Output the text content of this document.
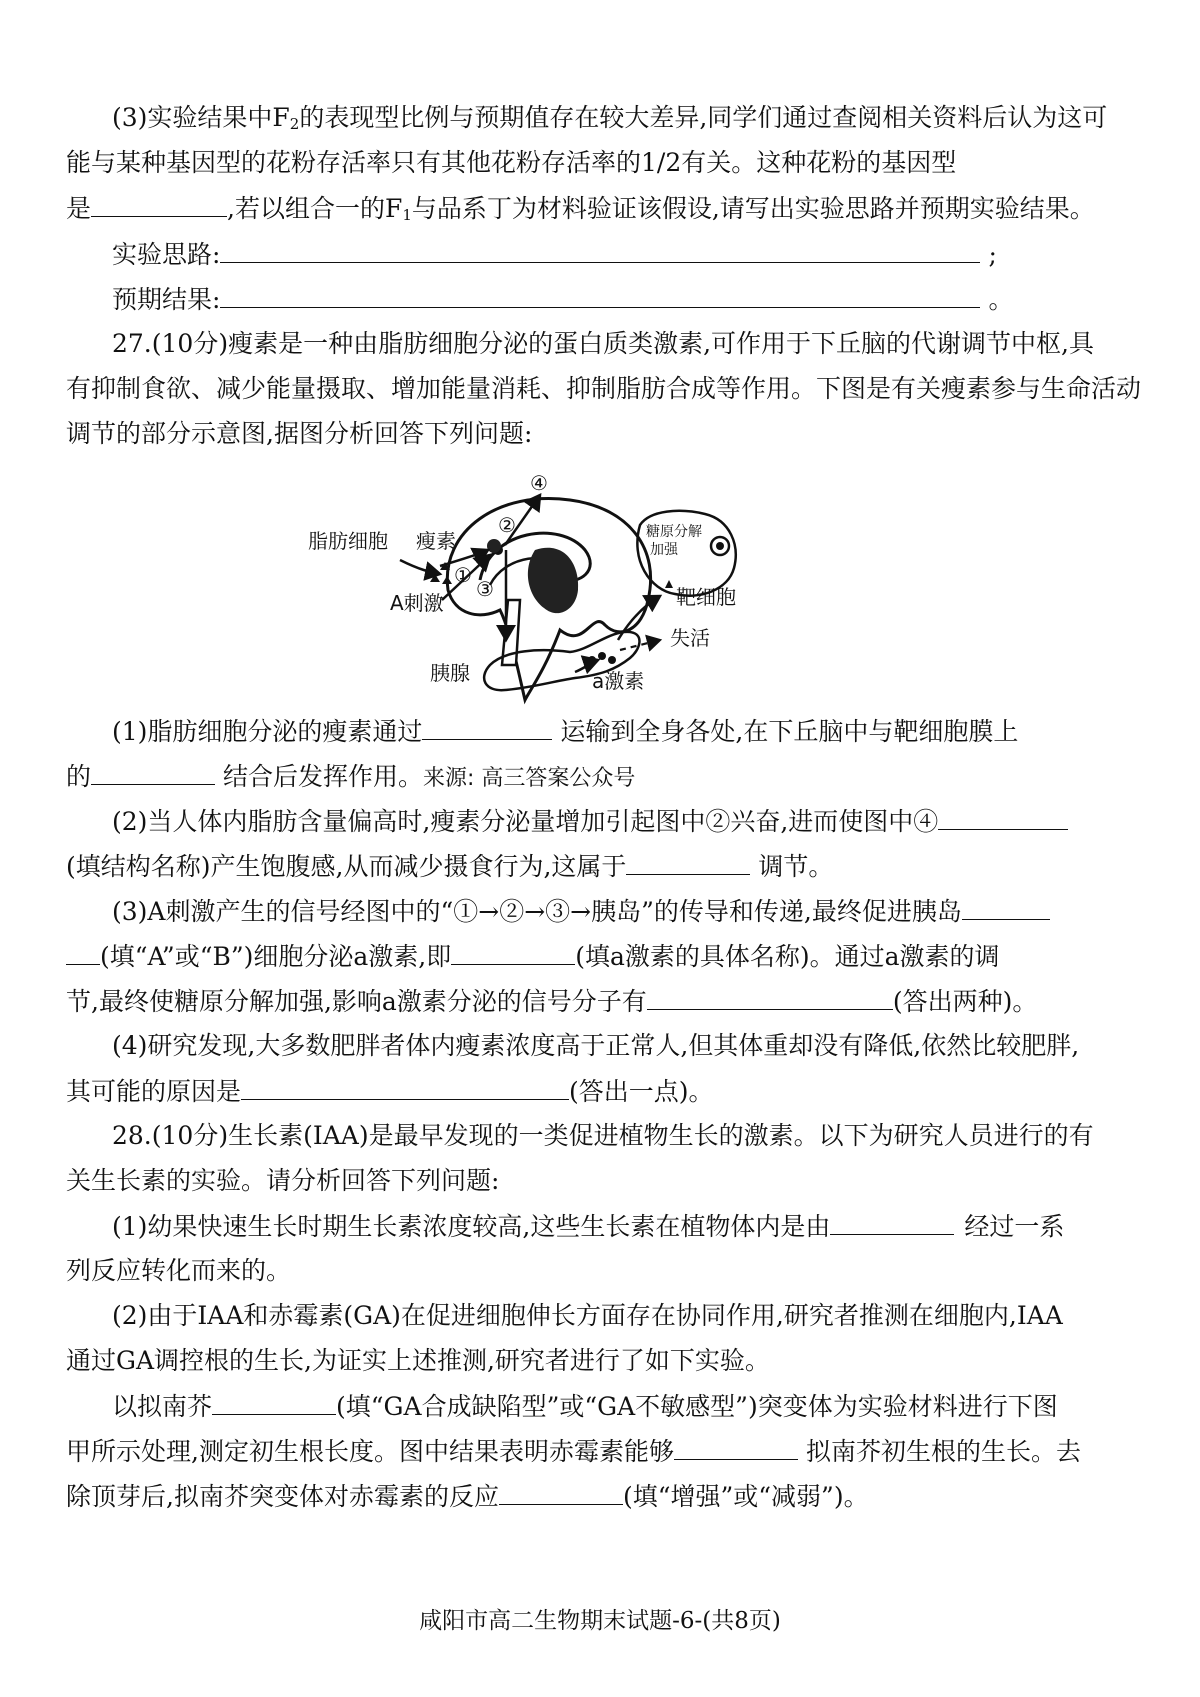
(3)实验结果中$F_2$的表现型比例与预期值存在较大差异,同学们通过查阅相关资料后认为这可
能与某种基因型的花粉存活率只有其他花粉存活率的1/2有关。这种花粉的基因型
是	,若以组合一的$F_1$与品系丁为材料验证该假设,请写出实验思路并预期实验结果。
实验思路:	;
预期结果:	。
27.(10分)瘦素是一种由脂肪细胞分泌的蛋白质类激素,可作用于下丘脑的代谢调节中枢,具
有抑制食欲、减少能量摄取、增加能量消耗、抑制脂肪合成等作用。下图是有关瘦素参与生命活动
调节的部分示意图,据图分析回答下列问题:
④
②
③
①
脂肪细胞 瘦素
A刺激
胰腺	a激素
失活
糖原分解
加强
靶细胞
(1)脂肪细胞分泌的瘦素通过	运输到全身各处,在下丘脑中与靶细胞膜上
的	结合后发挥作用。来源: 高三答案公众号
(2)当人体内脂肪含量偏高时,瘦素分泌量增加引起图中②兴奋,进而使图中④
(填结构名称)产生饱腹感,从而减少摄食行为,这属于	调节。
(3)A刺激产生的信号经图中的“①→②→③→胰岛”的传导和传递,最终促进胰岛
(填“A”或“B”)细胞分泌a激素,即	(填a激素的具体名称)。通过a激素的调
节,最终使糖原分解加强,影响a激素分泌的信号分子有	(答出两种)。
(4)研究发现,大多数肥胖者体内瘦素浓度高于正常人,但其体重却没有降低,依然比较肥胖,
其可能的原因是	(答出一点)。
28.(10分)生长素(IAA)是最早发现的一类促进植物生长的激素。以下为研究人员进行的有
关生长素的实验。请分析回答下列问题:
(1)幼果快速生长时期生长素浓度较高,这些生长素在植物体内是由	经过一系
列反应转化而来的。
(2)由于IAA和赤霉素(GA)在促进细胞伸长方面存在协同作用,研究者推测在细胞内,IAA
通过GA调控根的生长,为证实上述推测,研究者进行了如下实验。
以拟南芥	(填“GA合成缺陷型”或“GA不敏感型”)突变体为实验材料进行下图
甲所示处理,测定初生根长度。图中结果表明赤霉素能够	拟南芥初生根的生长。去
除顶芽后,拟南芥突变体对赤霉素的反应	(填“增强”或“减弱”)。
咸阳市高二生物期末试题-6-(共8页)
